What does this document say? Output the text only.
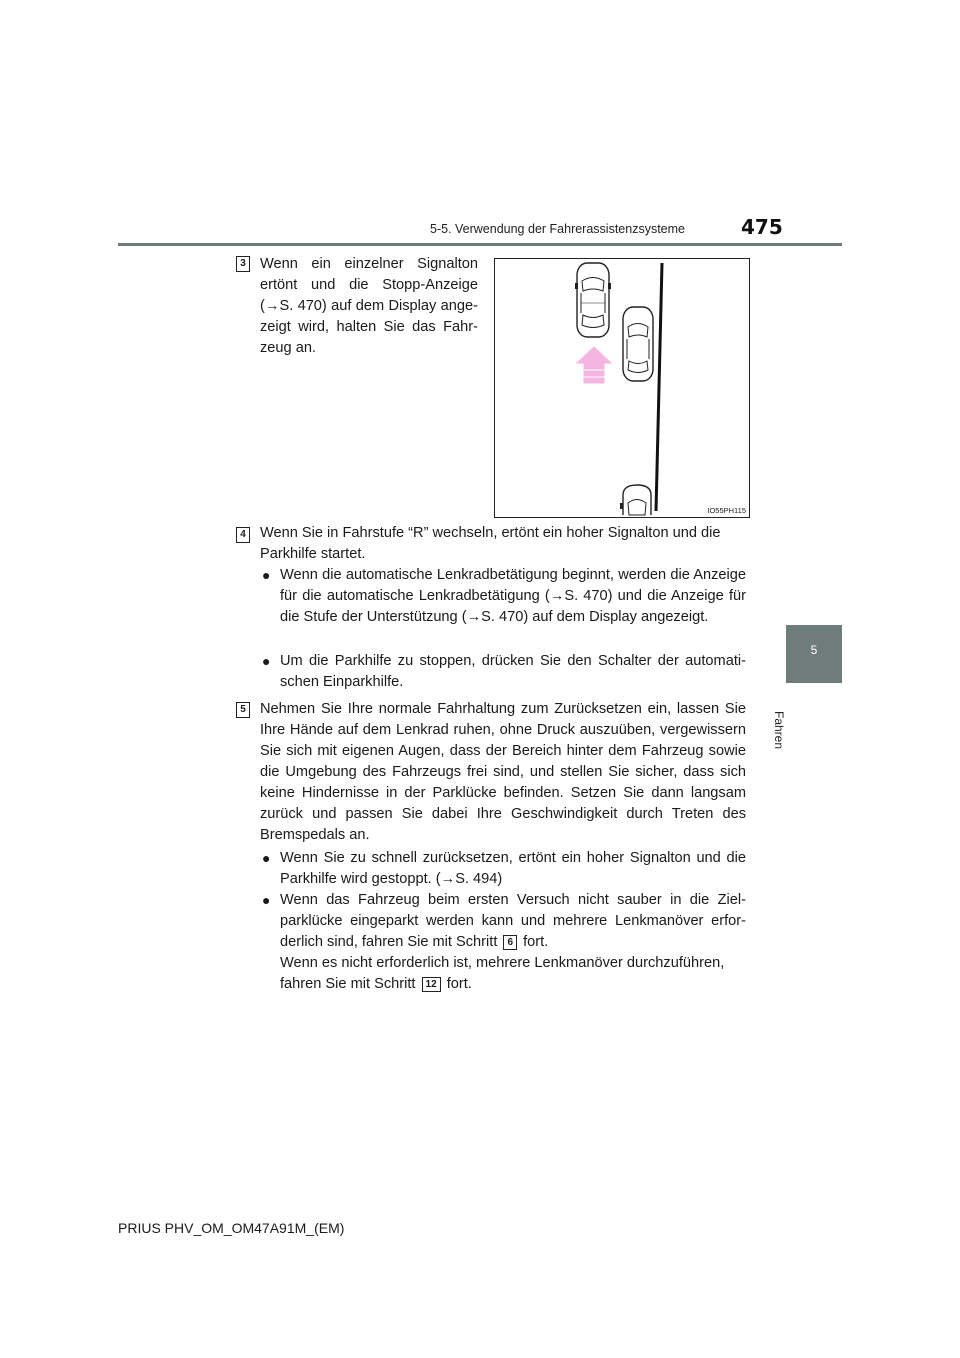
5-5. Verwendung der Fahrerassistenzsysteme	475
5
Fahren
3 Wenn ein einzelner Signalton ertönt und die Stopp-Anzeige (→S. 470) auf dem Display angezeigt wird, halten Sie das Fahrzeug an.
IO55PH115
4 Wenn Sie in Fahrstufe “R” wechseln, ertönt ein hoher Signalton und die Parkhilfe startet.
● Wenn die automatische Lenkradbetätigung beginnt, werden die Anzeige für die automatische Lenkradbetätigung (→S. 470) und die Anzeige für die Stufe der Unterstützung (→S. 470) auf dem Display angezeigt.
● Um die Parkhilfe zu stoppen, drücken Sie den Schalter der automatischen Einparkhilfe.
5 Nehmen Sie Ihre normale Fahrhaltung zum Zurücksetzen ein, lassen Sie Ihre Hände auf dem Lenkrad ruhen, ohne Druck auszuüben, vergewissern Sie sich mit eigenen Augen, dass der Bereich hinter dem Fahrzeug sowie die Umgebung des Fahrzeugs frei sind, und stellen Sie sicher, dass sich keine Hindernisse in der Parklücke befinden. Setzen Sie dann langsam zurück und passen Sie dabei Ihre Geschwindigkeit durch Treten des Bremspedals an.
● Wenn Sie zu schnell zurücksetzen, ertönt ein hoher Signalton und die Parkhilfe wird gestoppt. (→S. 494)
● Wenn das Fahrzeug beim ersten Versuch nicht sauber in die Zielparklücke eingeparkt werden kann und mehrere Lenkmanöver erforderlich sind, fahren Sie mit Schritt 6 fort.
Wenn es nicht erforderlich ist, mehrere Lenkmanöver durchzuführen, fahren Sie mit Schritt 12 fort.
PRIUS PHV_OM_OM47A91M_(EM)
